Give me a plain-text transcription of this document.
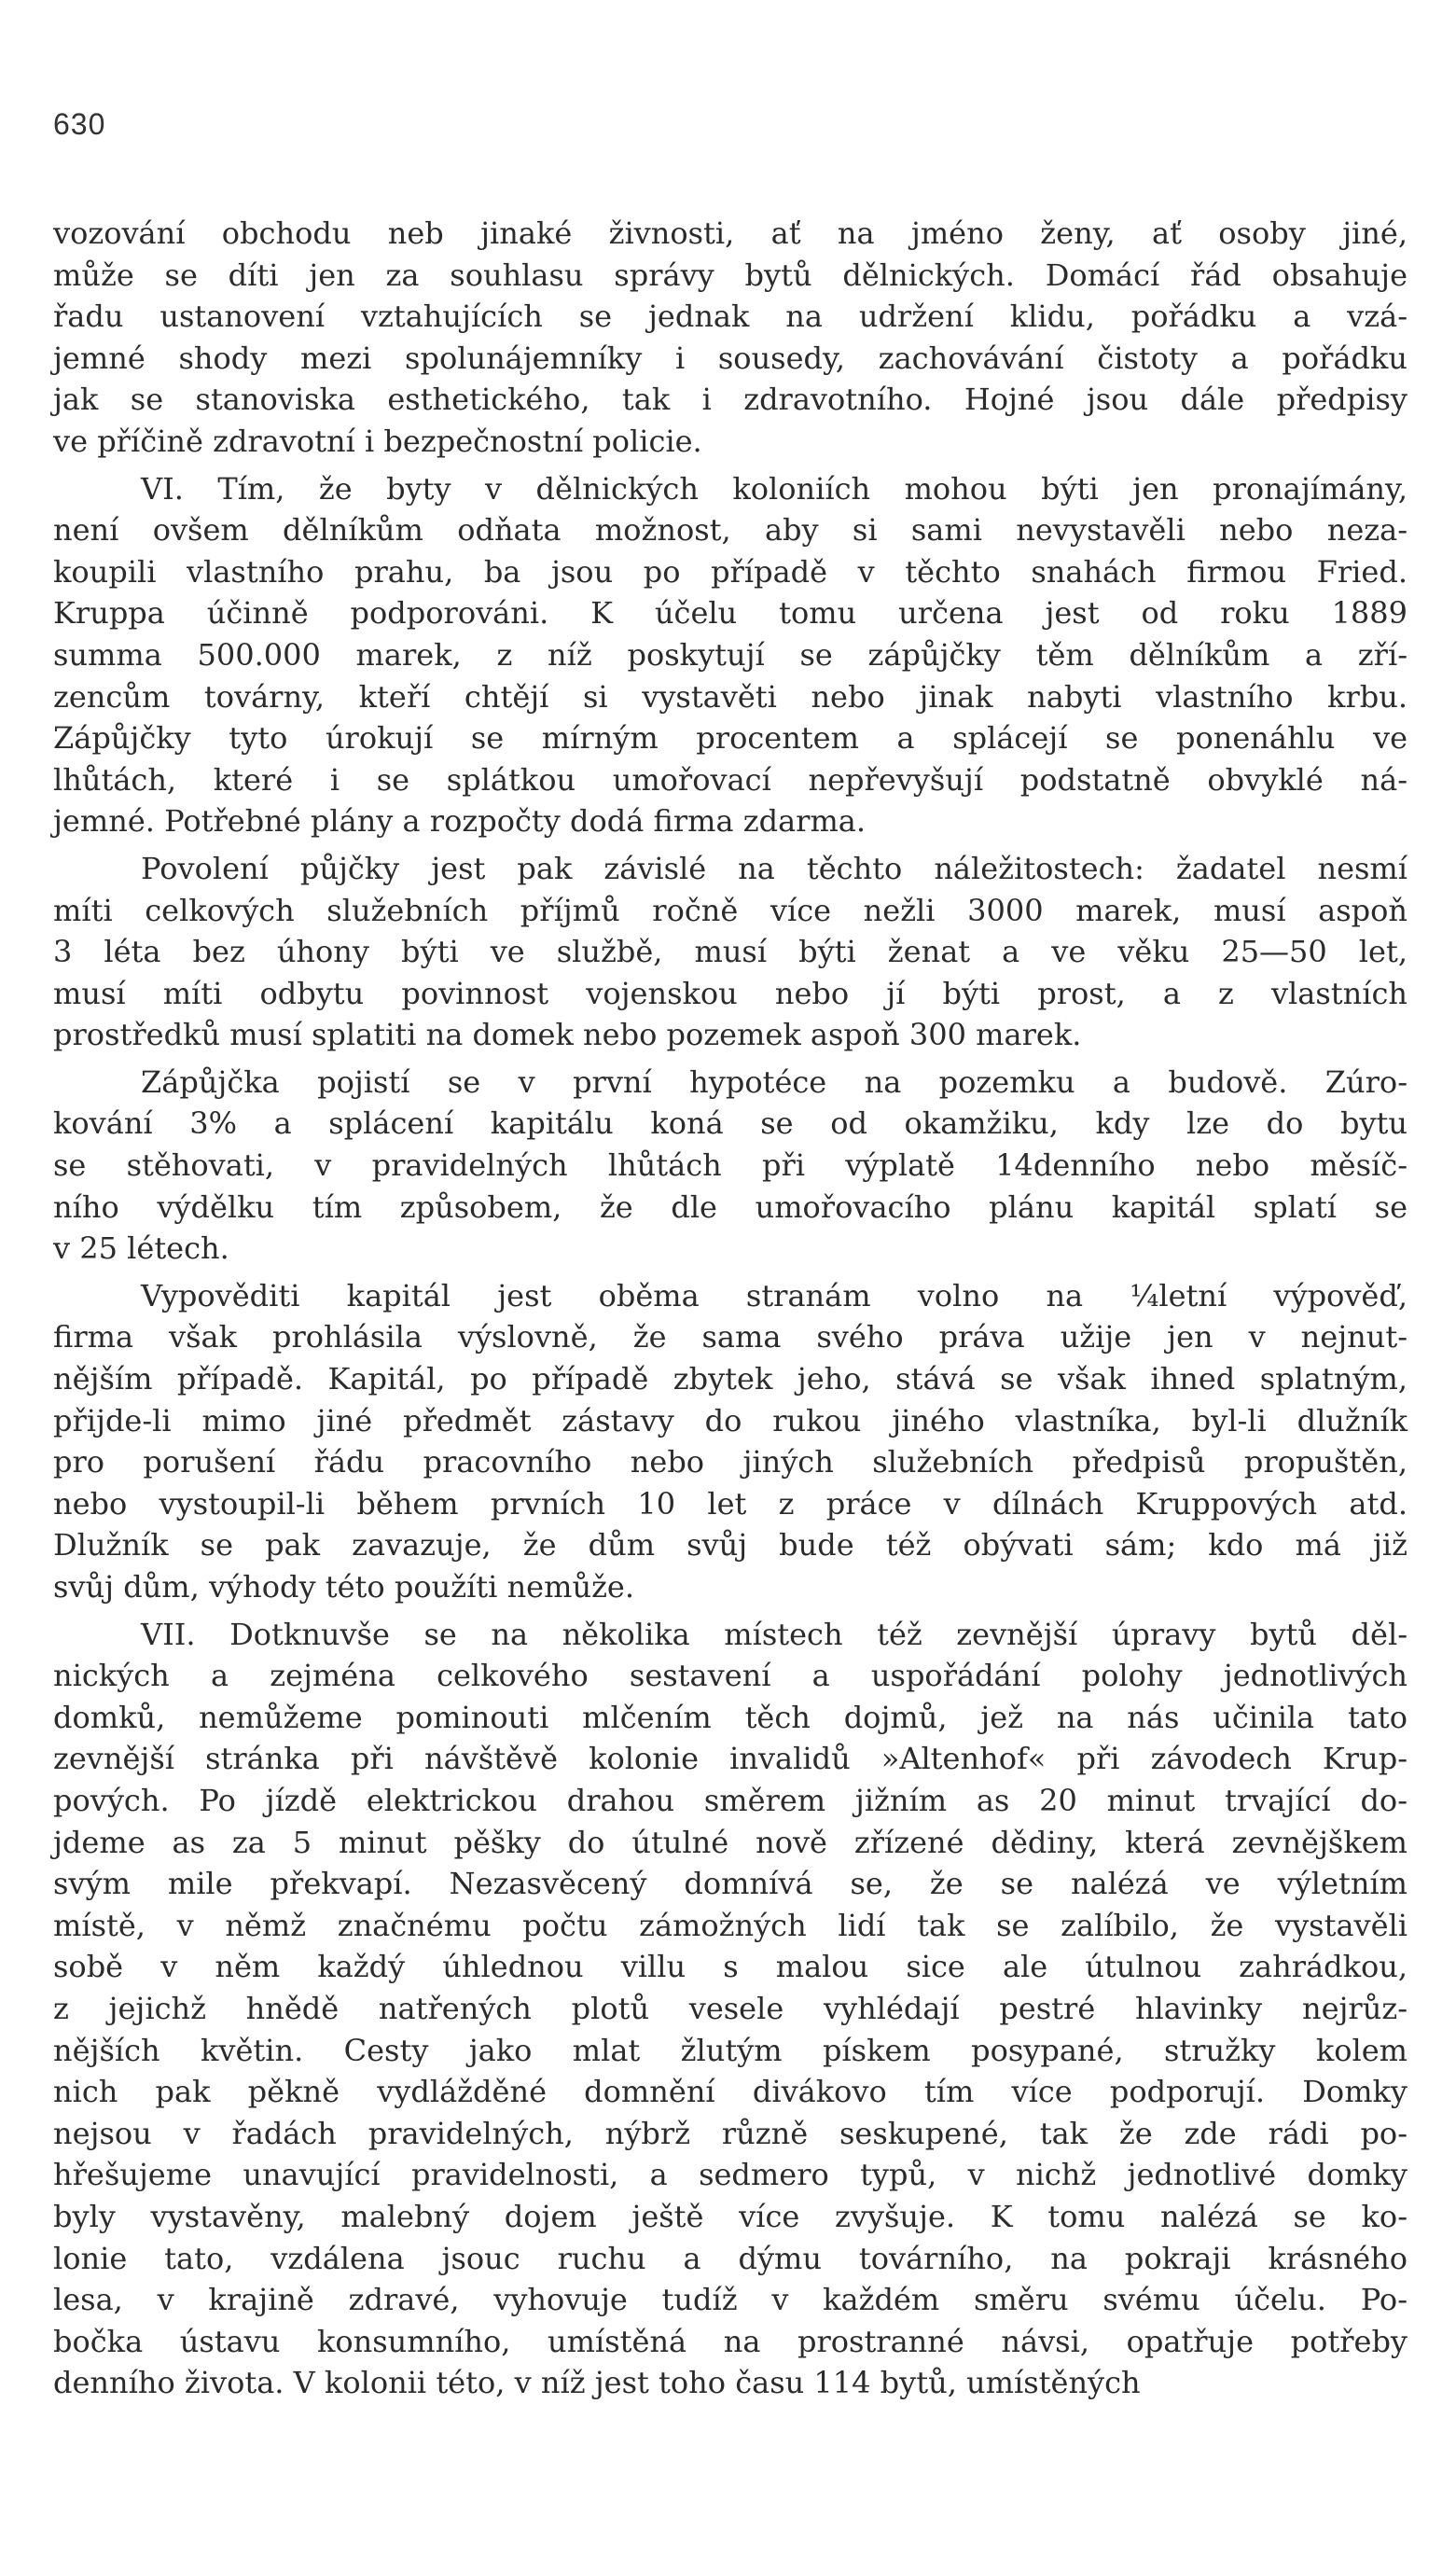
630
vozování obchodu neb jinaké živnosti, ať na jméno ženy, ať osoby jiné,
může se díti jen za souhlasu správy bytů dělnických. Domácí řád obsahuje
řadu ustanovení vztahujících se jednak na udržení klidu, pořádku a vzá-
jemné shody mezi spolunájemníky i sousedy, zachovávání čistoty a pořádku
jak se stanoviska esthetického, tak i zdravotního. Hojné jsou dále předpisy
ve příčině zdravotní i bezpečnostní policie.
VI. Tím, že byty v dělnických koloniích mohou býti jen pronajímány,
není ovšem dělníkům odňata možnost, aby si sami nevystavěli nebo neza-
koupili vlastního prahu, ba jsou po případě v těchto snahách firmou Fried.
Kruppa účinně podporováni. K účelu tomu určena jest od roku 1889
summa 500.000 marek, z níž poskytují se zápůjčky těm dělníkům a zří-
zencům továrny, kteří chtějí si vystavěti nebo jinak nabyti vlastního krbu.
Zápůjčky tyto úrokují se mírným procentem a splácejí se ponenáhlu ve
lhůtách, které i se splátkou umořovací nepřevyšují podstatně obvyklé ná-
jemné. Potřebné plány a rozpočty dodá firma zdarma.
Povolení půjčky jest pak závislé na těchto náležitostech: žadatel nesmí
míti celkových služebních příjmů ročně více nežli 3000 marek, musí aspoň
3 léta bez úhony býti ve službě, musí býti ženat a ve věku 25—50 let,
musí míti odbytu povinnost vojenskou nebo jí býti prost, a z vlastních
prostředků musí splatiti na domek nebo pozemek aspoň 300 marek.
Zápůjčka pojistí se v první hypotéce na pozemku a budově. Zúro-
kování 3% a splácení kapitálu koná se od okamžiku, kdy lze do bytu
se stěhovati, v pravidelných lhůtách při výplatě 14denního nebo měsíč-
ního výdělku tím způsobem, že dle umořovacího plánu kapitál splatí se
v 25 létech.
Vypověditi kapitál jest oběma stranám volno na ¼letní výpověď,
firma však prohlásila výslovně, že sama svého práva užije jen v nejnut-
nějším případě. Kapitál, po případě zbytek jeho, stává se však ihned splatným,
přijde-li mimo jiné předmět zástavy do rukou jiného vlastníka, byl-li dlužník
pro porušení řádu pracovního nebo jiných služebních předpisů propuštěn,
nebo vystoupil-li během prvních 10 let z práce v dílnách Kruppových atd.
Dlužník se pak zavazuje, že dům svůj bude též obývati sám; kdo má již
svůj dům, výhody této použíti nemůže.
VII. Dotknuvše se na několika místech též zevnější úpravy bytů děl-
nických a zejména celkového sestavení a uspořádání polohy jednotlivých
domků, nemůžeme pominouti mlčením těch dojmů, jež na nás učinila tato
zevnější stránka při návštěvě kolonie invalidů »Altenhof« při závodech Krup-
pových. Po jízdě elektrickou drahou směrem jižním as 20 minut trvající do-
jdeme as za 5 minut pěšky do útulné nově zřízené dědiny, která zevnějškem
svým mile překvapí. Nezasvěcený domnívá se, že se nalézá ve výletním
místě, v němž značnému počtu zámožných lidí tak se zalíbilo, že vystavěli
sobě v něm každý úhlednou villu s malou sice ale útulnou zahrádkou,
z jejichž hnědě natřených plotů vesele vyhlédají pestré hlavinky nejrůz-
nějších květin. Cesty jako mlat žlutým pískem posypané, stružky kolem
nich pak pěkně vydlážděné domnění divákovo tím více podporují. Domky
nejsou v řadách pravidelných, nýbrž různě seskupené, tak že zde rádi po-
hřešujeme unavující pravidelnosti, a sedmero typů, v nichž jednotlivé domky
byly vystavěny, malebný dojem ještě více zvyšuje. K tomu nalézá se ko-
lonie tato, vzdálena jsouc ruchu a dýmu továrního, na pokraji krásného
lesa, v krajině zdravé, vyhovuje tudíž v každém směru svému účelu. Po-
bočka ústavu konsumního, umístěná na prostranné návsi, opatřuje potřeby
denního života. V kolonii této, v níž jest toho času 114 bytů, umístěných
